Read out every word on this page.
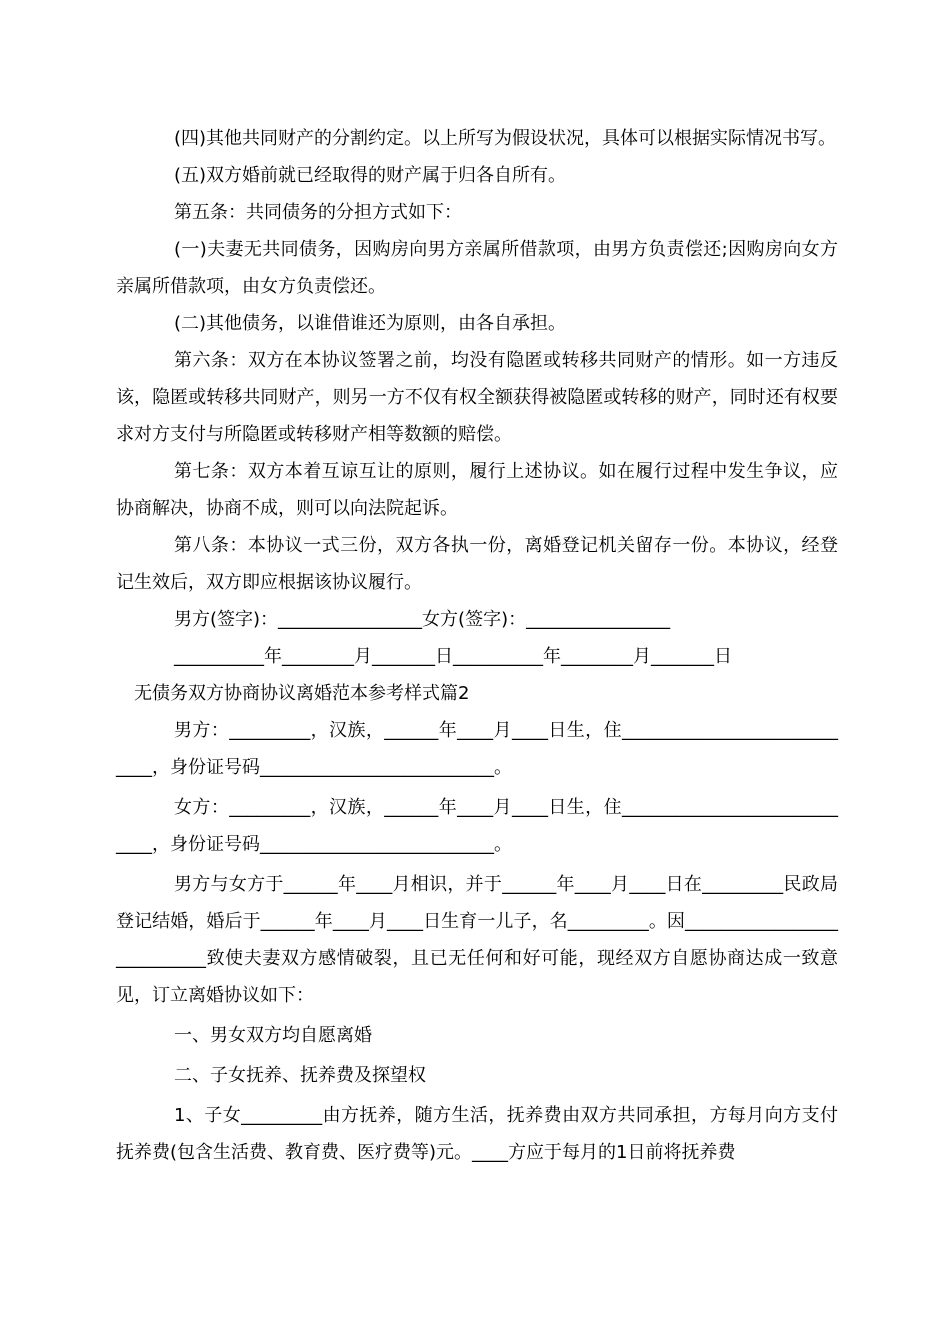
(四)其他共同财产的分割约定。以上所写为假设状况，具体可以根据实际情况书写。

(五)双方婚前就已经取得的财产属于归各自所有。

第五条：共同债务的分担方式如下：

(一)夫妻无共同债务，因购房向男方亲属所借款项，由男方负责偿还;因购房向女方亲属所借款项，由女方负责偿还。

(二)其他债务，以谁借谁还为原则，由各自承担。

第六条：双方在本协议签署之前，均没有隐匿或转移共同财产的情形。如一方违反该，隐匿或转移共同财产，则另一方不仅有权全额获得被隐匿或转移的财产，同时还有权要求对方支付与所隐匿或转移财产相等数额的赔偿。

第七条：双方本着互谅互让的原则，履行上述协议。如在履行过程中发生争议，应协商解决，协商不成，则可以向法院起诉。

第八条：本协议一式三份，双方各执一份，离婚登记机关留存一份。本协议，经登记生效后，双方即应根据该协议履行。

男方(签字)：________________女方(签字)：________________

__________年________月_______日__________年________月_______日

无债务双方协商协议离婚范本参考样式篇2

男方：_________，汉族，______年____月____日生，住____________________________，身份证号码__________________________。

女方：_________，汉族，______年____月____日生，住____________________________，身份证号码__________________________。

男方与女方于______年____月相识，并于______年____月____日在_________民政局登记结婚，婚后于______年____月____日生育一儿子，名_________。因___________________________致使夫妻双方感情破裂，且已无任何和好可能，现经双方自愿协商达成一致意见，订立离婚协议如下：

一、男女双方均自愿离婚

二、子女抚养、抚养费及探望权

1、子女_________由方抚养，随方生活，抚养费由双方共同承担，方每月向方支付抚养费(包含生活费、教育费、医疗费等)元。____方应于每月的1日前将抚养费
